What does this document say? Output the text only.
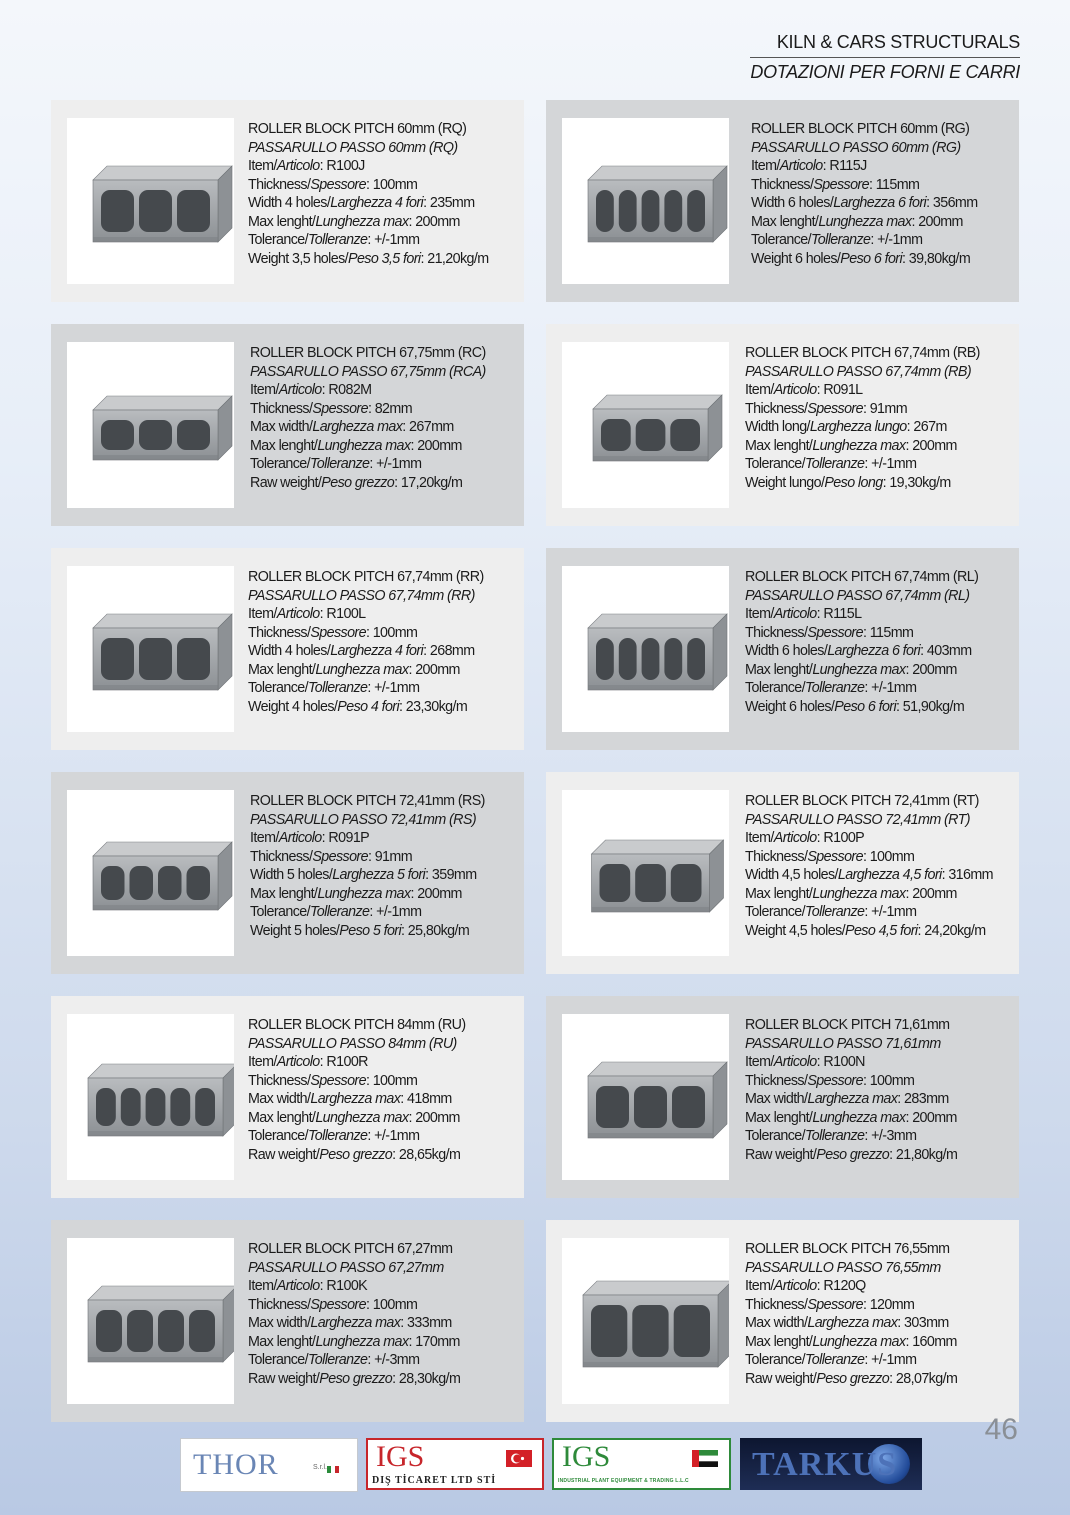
KILN & CARS STRUCTURALS
DOTAZIONI PER FORNI E CARRI
ROLLER BLOCK PITCH 60mm (RQ)
PASSARULLO PASSO 60mm (RQ)
Item/Articolo: R100J
Thickness/Spessore: 100mm
Width 4 holes/Larghezza 4 fori: 235mm
Max lenght/Lunghezza max: 200mm
Tolerance/Tolleranze: +/-1mm
Weight 3,5 holes/Peso 3,5 fori: 21,20kg/m
ROLLER BLOCK PITCH 60mm (RG)
PASSARULLO PASSO 60mm (RG)
Item/Articolo: R115J
Thickness/Spessore: 115mm
Width 6 holes/Larghezza 6 fori: 356mm
Max lenght/Lunghezza max: 200mm
Tolerance/Tolleranze: +/-1mm
Weight 6 holes/Peso 6 fori: 39,80kg/m
ROLLER BLOCK PITCH 67,75mm (RC)
PASSARULLO PASSO 67,75mm (RCA)
Item/Articolo: R082M
Thickness/Spessore: 82mm
Max width/Larghezza max: 267mm
Max lenght/Lunghezza max: 200mm
Tolerance/Tolleranze: +/-1mm
Raw weight/Peso grezzo: 17,20kg/m
ROLLER BLOCK PITCH 67,74mm (RB)
PASSARULLO PASSO 67,74mm (RB)
Item/Articolo: R091L
Thickness/Spessore: 91mm
Width long/Larghezza lungo: 267m
Max lenght/Lunghezza max: 200mm
Tolerance/Tolleranze: +/-1mm
Weight lungo/Peso long: 19,30kg/m
ROLLER BLOCK PITCH 67,74mm (RR)
PASSARULLO PASSO 67,74mm (RR)
Item/Articolo: R100L
Thickness/Spessore: 100mm
Width 4 holes/Larghezza 4 fori: 268mm
Max lenght/Lunghezza max: 200mm
Tolerance/Tolleranze: +/-1mm
Weight 4 holes/Peso 4 fori: 23,30kg/m
ROLLER BLOCK PITCH 67,74mm (RL)
PASSARULLO PASSO 67,74mm (RL)
Item/Articolo: R115L
Thickness/Spessore: 115mm
Width 6 holes/Larghezza 6 fori: 403mm
Max lenght/Lunghezza max: 200mm
Tolerance/Tolleranze: +/-1mm
Weight 6 holes/Peso 6 fori: 51,90kg/m
ROLLER BLOCK PITCH 72,41mm (RS)
PASSARULLO PASSO 72,41mm (RS)
Item/Articolo: R091P
Thickness/Spessore: 91mm
Width 5 holes/Larghezza 5 fori: 359mm
Max lenght/Lunghezza max: 200mm
Tolerance/Tolleranze: +/-1mm
Weight 5 holes/Peso 5 fori: 25,80kg/m
ROLLER BLOCK PITCH 72,41mm (RT)
PASSARULLO PASSO 72,41mm (RT)
Item/Articolo: R100P
Thickness/Spessore: 100mm
Width 4,5 holes/Larghezza 4,5 fori: 316mm
Max lenght/Lunghezza max: 200mm
Tolerance/Tolleranze: +/-1mm
Weight 4,5 holes/Peso 4,5 fori: 24,20kg/m
ROLLER BLOCK PITCH 84mm (RU)
PASSARULLO PASSO 84mm (RU)
Item/Articolo: R100R
Thickness/Spessore: 100mm
Max width/Larghezza max: 418mm
Max lenght/Lunghezza max: 200mm
Tolerance/Tolleranze: +/-1mm
Raw weight/Peso grezzo: 28,65kg/m
ROLLER BLOCK PITCH 71,61mm
PASSARULLO PASSO 71,61mm
Item/Articolo: R100N
Thickness/Spessore: 100mm
Max width/Larghezza max: 283mm
Max lenght/Lunghezza max: 200mm
Tolerance/Tolleranze: +/-3mm
Raw weight/Peso grezzo: 21,80kg/m
ROLLER BLOCK PITCH 67,27mm
PASSARULLO PASSO 67,27mm
Item/Articolo: R100K
Thickness/Spessore: 100mm
Max width/Larghezza max: 333mm
Max lenght/Lunghezza max: 170mm
Tolerance/Tolleranze: +/-3mm
Raw weight/Peso grezzo: 28,30kg/m
ROLLER BLOCK PITCH 76,55mm
PASSARULLO PASSO 76,55mm
Item/Articolo: R120Q
Thickness/Spessore: 120mm
Max width/Larghezza max: 303mm
Max lenght/Lunghezza max: 160mm
Tolerance/Tolleranze: +/-1mm
Raw weight/Peso grezzo: 28,07kg/m
46
THOR	S.r.l. IGS
DIŞ TİCARET LTD STİ
IGS
INDUSTRIAL PLANT EQUIPMENT & TRADING L.L.C TARKUS
